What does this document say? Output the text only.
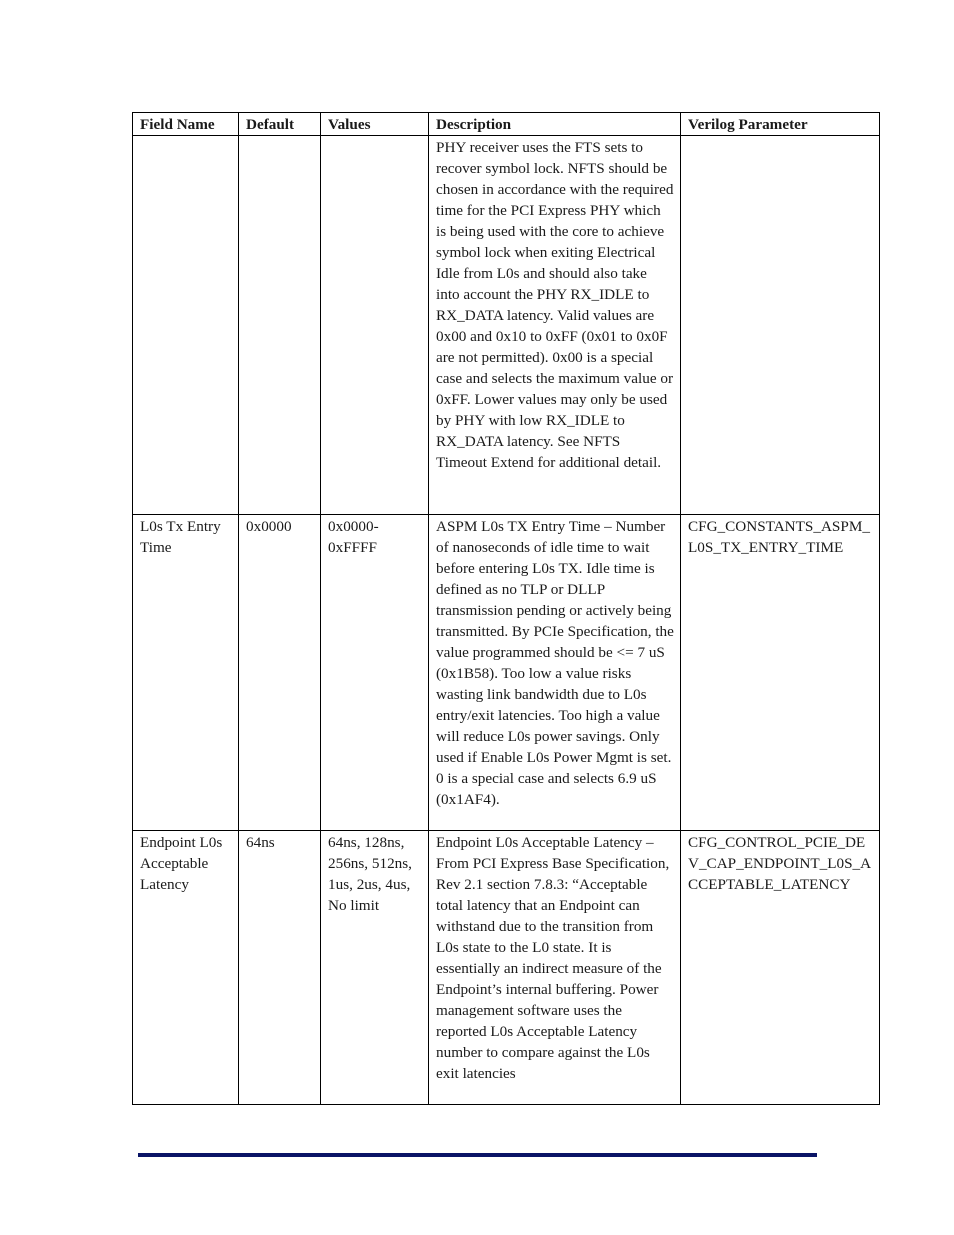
Field Name	Default	Values	Description	Verilog Parameter
			PHY receiver uses the FTS sets to recover symbol lock. NFTS should be chosen in accordance with the required time for the PCI Express PHY which is being used with the core to achieve symbol lock when exiting Electrical Idle from L0s and should also take into account the PHY RX_IDLE to RX_DATA latency. Valid values are 0x00 and 0x10 to 0xFF (0x01 to 0x0F are not permitted). 0x00 is a special case and selects the maximum value or 0xFF. Lower values may only be used by PHY with low RX_IDLE to RX_DATA latency. See NFTS Timeout Extend for additional detail.	
L0s Tx Entry Time	0x0000	0x0000-0xFFFF	ASPM L0s TX Entry Time – Number of nanoseconds of idle time to wait before entering L0s TX. Idle time is defined as no TLP or DLLP transmission pending or actively being transmitted. By PCIe Specification, the value programmed should be <= 7 uS (0x1B58). Too low a value risks wasting link bandwidth due to L0s entry/exit latencies. Too high a value will reduce L0s power savings. Only used if Enable L0s Power Mgmt is set. 0 is a special case and selects 6.9 uS (0x1AF4).	CFG_CONSTANTS_ASPM_L0S_TX_ENTRY_TIME
Endpoint L0s Acceptable Latency	64ns	64ns, 128ns, 256ns, 512ns, 1us, 2us, 4us, No limit	Endpoint L0s Acceptable Latency – From PCI Express Base Specification, Rev 2.1 section 7.8.3: “Acceptable total latency that an Endpoint can withstand due to the transition from L0s state to the L0 state. It is essentially an indirect measure of the Endpoint’s internal buffering. Power management software uses the reported L0s Acceptable Latency number to compare against the L0s exit latencies	CFG_CONTROL_PCIE_DEV_CAP_ENDPOINT_L0S_ACCEPTABLE_LATENCY
